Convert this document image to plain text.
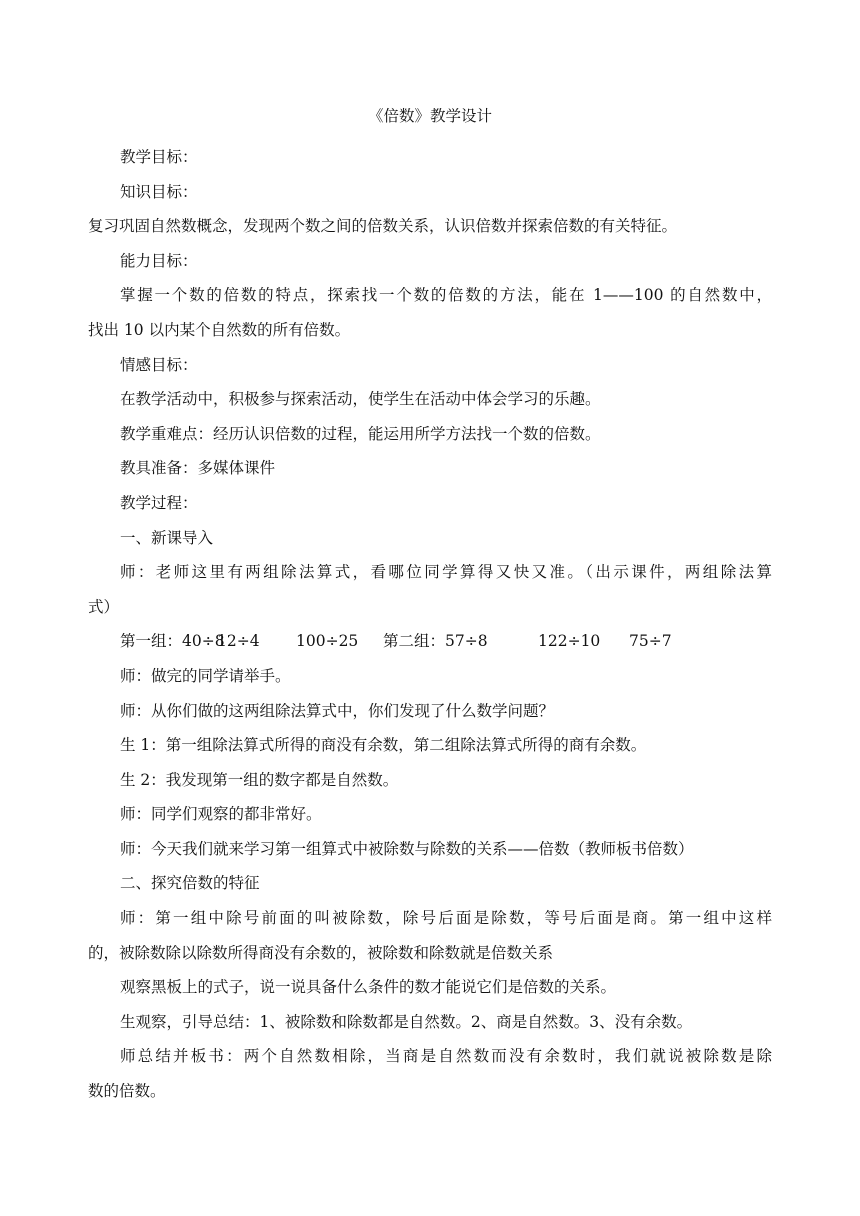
《倍数》教学设计
教学目标：
知识目标：
复习巩固自然数概念，发现两个数之间的倍数关系，认识倍数并探索倍数的有关特征。
能力目标：
掌握一个数的倍数的特点，探索找一个数的倍数的方法，能在 1——100 的自然数中，
找出 10 以内某个自然数的所有倍数。
情感目标：
在教学活动中，积极参与探索活动，使学生在活动中体会学习的乐趣。
教学重难点：经历认识倍数的过程，能运用所学方法找一个数的倍数。
教具准备：多媒体课件
教学过程：
一、新课导入
师：老师这里有两组除法算式，看哪位同学算得又快又准。（出示课件，两组除法算
式）
第一组：40÷8
12÷4	100÷25	第二组：57÷8	122÷10	75÷7
师：做完的同学请举手。
师：从你们做的这两组除法算式中，你们发现了什么数学问题？
生 1：第一组除法算式所得的商没有余数，第二组除法算式所得的商有余数。
生 2：我发现第一组的数字都是自然数。
师：同学们观察的都非常好。
师：今天我们就来学习第一组算式中被除数与除数的关系——倍数（教师板书倍数）
二、探究倍数的特征
师：第一组中除号前面的叫被除数，除号后面是除数，等号后面是商。第一组中这样
的，被除数除以除数所得商没有余数的，被除数和除数就是倍数关系
观察黑板上的式子，说一说具备什么条件的数才能说它们是倍数的关系。
生观察，引导总结：1、被除数和除数都是自然数。2、商是自然数。3、没有余数。
师总结并板书：两个自然数相除，当商是自然数而没有余数时，我们就说被除数是除
数的倍数。
